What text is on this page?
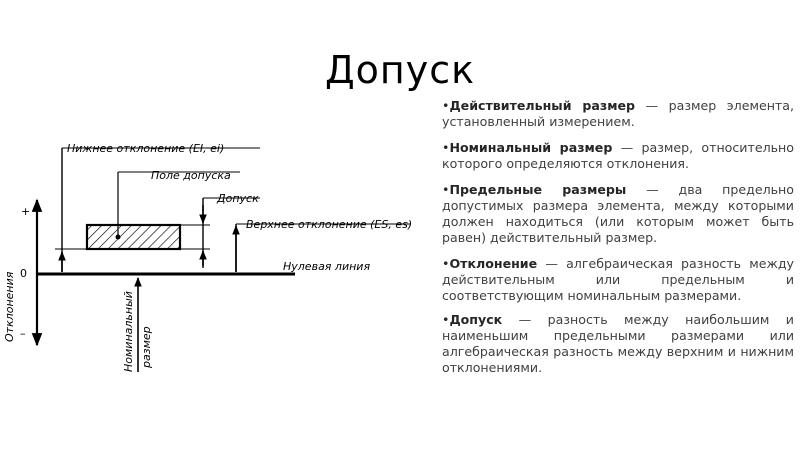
Допуск
+
0
–
Отклонения
Нулевая линия
Нижнее отклонение (EI, ei)
Поле допуска
Допуск
Верхнее отклонение (ES, es)
Номинальный размер
•Действительный размер — размер элемента, установленный измерением.
•Номинальный размер — размер, относительно которого определяются отклонения.
•Предельные размеры — два предельно допустимых размера элемента, между которыми должен находиться (или которым может быть равен) действительный размер.
•Отклонение — алгебраическая разность между действительным или предельным и соответствующим номинальным размерами.
•Допуск — разность между наибольшим и наименьшим предельными размерами или алгебраическая разность между верхним и нижним отклонениями.
